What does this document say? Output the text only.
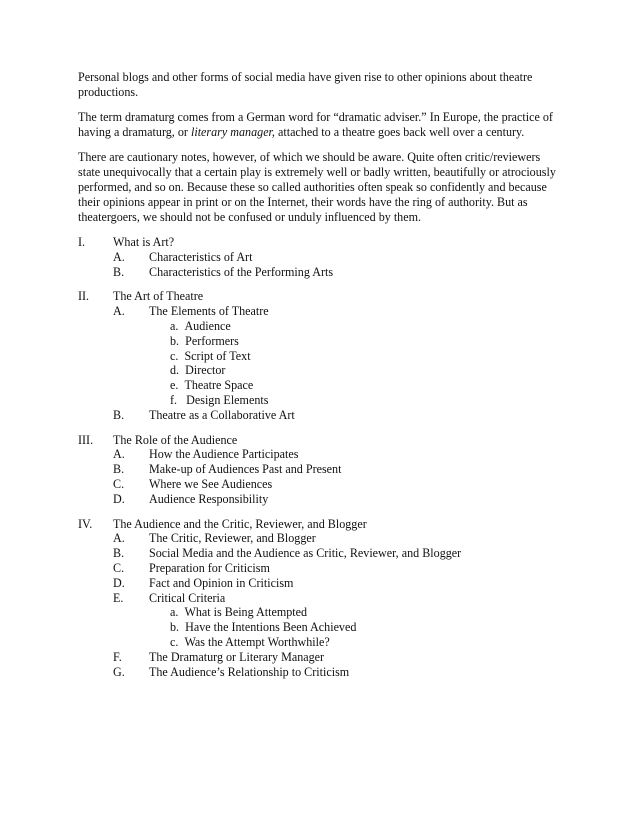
Personal blogs and other forms of social media have given rise to other opinions about theatre productions.

The term dramaturg comes from a German word for “dramatic adviser.” In Europe, the practice of having a dramaturg, or literary manager, attached to a theatre goes back well over a century.

There are cautionary notes, however, of which we should be aware. Quite often critic/reviewers state unequivocally that a certain play is extremely well or badly written, beautifully or atrociously performed, and so on. Because these so called authorities often speak so confidently and because their opinions appear in print or on the Internet, their words have the ring of authority. But as theatergoers, we should not be confused or unduly influenced by them.

I. What is Art?
A. Characteristics of Art
B. Characteristics of the Performing Arts
II. The Art of Theatre
A. The Elements of Theatre
a. Audience
b. Performers
c. Script of Text
d. Director
e. Theatre Space
f. Design Elements
B. Theatre as a Collaborative Art
III. The Role of the Audience
A. How the Audience Participates
B. Make-up of Audiences Past and Present
C. Where we See Audiences
D. Audience Responsibility
IV. The Audience and the Critic, Reviewer, and Blogger
A. The Critic, Reviewer, and Blogger
B. Social Media and the Audience as Critic, Reviewer, and Blogger
C. Preparation for Criticism
D. Fact and Opinion in Criticism
E. Critical Criteria
a. What is Being Attempted
b. Have the Intentions Been Achieved
c. Was the Attempt Worthwhile?
F. The Dramaturg or Literary Manager
G. The Audience’s Relationship to Criticism
